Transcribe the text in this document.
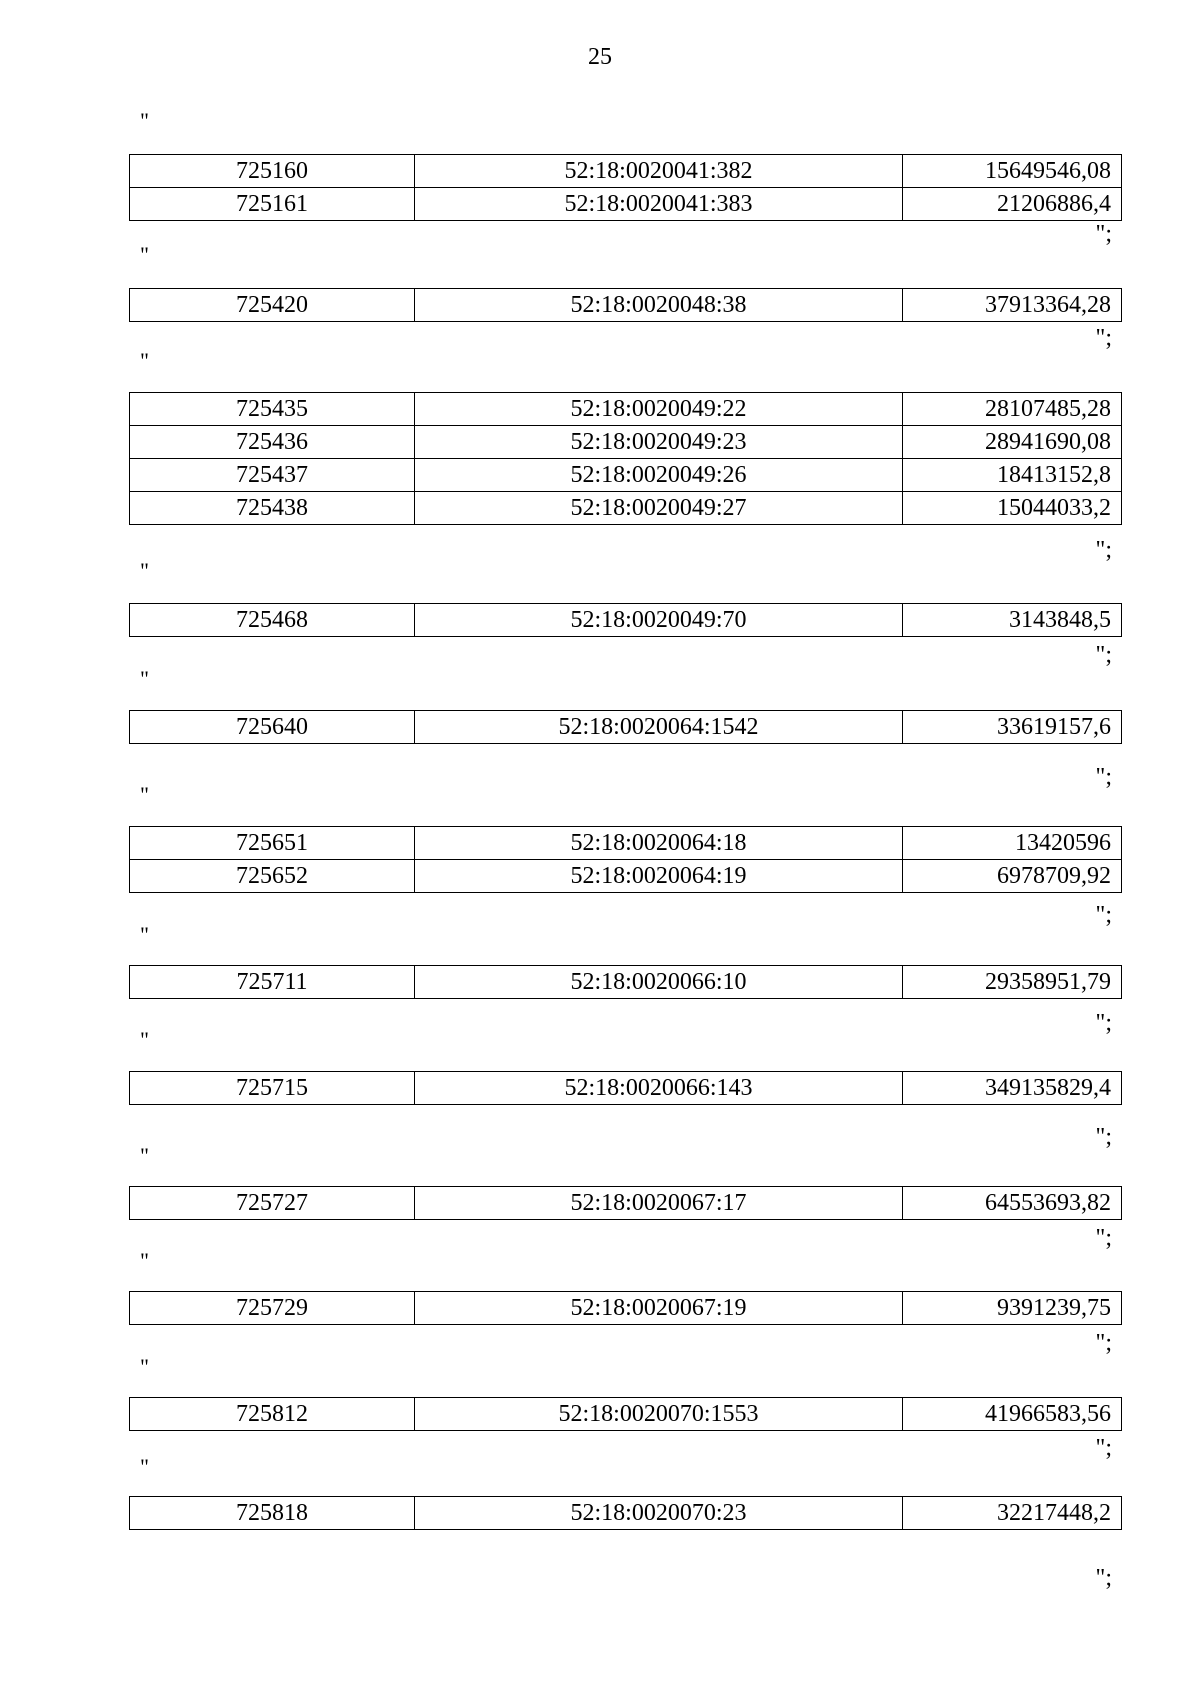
25
"
725160	52:18:0020041:382	15649546,08
725161	52:18:0020041:383	21206886,4
";
"
725420	52:18:0020048:38	37913364,28
";
"
725435	52:18:0020049:22	28107485,28
725436	52:18:0020049:23	28941690,08
725437	52:18:0020049:26	18413152,8
725438	52:18:0020049:27	15044033,2
";
"
725468	52:18:0020049:70	3143848,5
";
"
725640	52:18:0020064:1542	33619157,6
";
"
725651	52:18:0020064:18	13420596
725652	52:18:0020064:19	6978709,92
";
"
725711	52:18:0020066:10	29358951,79
";
"
725715	52:18:0020066:143	349135829,4
";
"
725727	52:18:0020067:17	64553693,82
";
"
725729	52:18:0020067:19	9391239,75
";
"
725812	52:18:0020070:1553	41966583,56
";
"
725818	52:18:0020070:23	32217448,2
";
